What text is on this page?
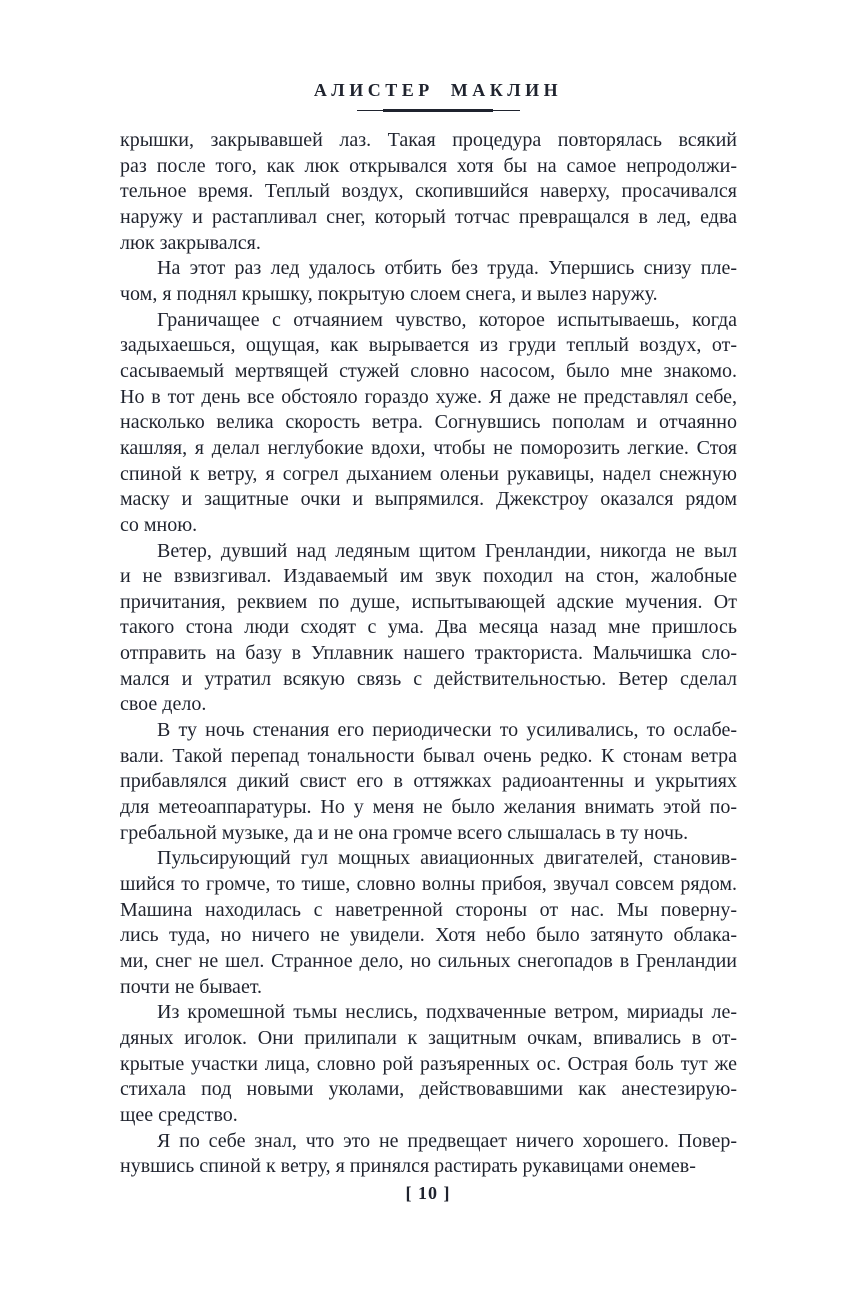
АЛИСТЕР МАКЛИН
крышки, закрывавшей лаз. Такая процедура повторялась всякий
раз после того, как люк открывался хотя бы на самое непродолжи-
тельное время. Теплый воздух, скопившийся наверху, просачивался
наружу и растапливал снег, который тотчас превращался в лед, едва
люк закрывался.
На этот раз лед удалось отбить без труда. Упершись снизу пле-
чом, я поднял крышку, покрытую слоем снега, и вылез наружу.
Граничащее с отчаянием чувство, которое испытываешь, когда
задыхаешься, ощущая, как вырывается из груди теплый воздух, от-
сасываемый мертвящей стужей словно насосом, было мне знакомо.
Но в тот день все обстояло гораздо хуже. Я даже не представлял себе,
насколько велика скорость ветра. Согнувшись пополам и отчаянно
кашляя, я делал неглубокие вдохи, чтобы не поморозить легкие. Стоя
спиной к ветру, я согрел дыханием оленьи рукавицы, надел снежную
маску и защитные очки и выпрямился. Джекстроу оказался рядом
со мною.
Ветер, дувший над ледяным щитом Гренландии, никогда не выл
и не взвизгивал. Издаваемый им звук походил на стон, жалобные
причитания, реквием по душе, испытывающей адские мучения. От
такого стона люди сходят с ума. Два месяца назад мне пришлось
отправить на базу в Уплавник нашего тракториста. Мальчишка сло-
мался и утратил всякую связь с действительностью. Ветер сделал
свое дело.
В ту ночь стенания его периодически то усиливались, то ослабе-
вали. Такой перепад тональности бывал очень редко. К стонам ветра
прибавлялся дикий свист его в оттяжках радиоантенны и укрытиях
для метеоаппаратуры. Но у меня не было желания внимать этой по-
гребальной музыке, да и не она громче всего слышалась в ту ночь.
Пульсирующий гул мощных авиационных двигателей, становив-
шийся то громче, то тише, словно волны прибоя, звучал совсем рядом.
Машина находилась с наветренной стороны от нас. Мы поверну-
лись туда, но ничего не увидели. Хотя небо было затянуто облака-
ми, снег не шел. Странное дело, но сильных снегопадов в Гренландии
почти не бывает.
Из кромешной тьмы неслись, подхваченные ветром, мириады ле-
дяных иголок. Они прилипали к защитным очкам, впивались в от-
крытые участки лица, словно рой разъяренных ос. Острая боль тут же
стихала под новыми уколами, действовавшими как анестезирую-
щее средство.
Я по себе знал, что это не предвещает ничего хорошего. Повер-
нувшись спиной к ветру, я принялся растирать рукавицами онемев-
[ 10 ]
